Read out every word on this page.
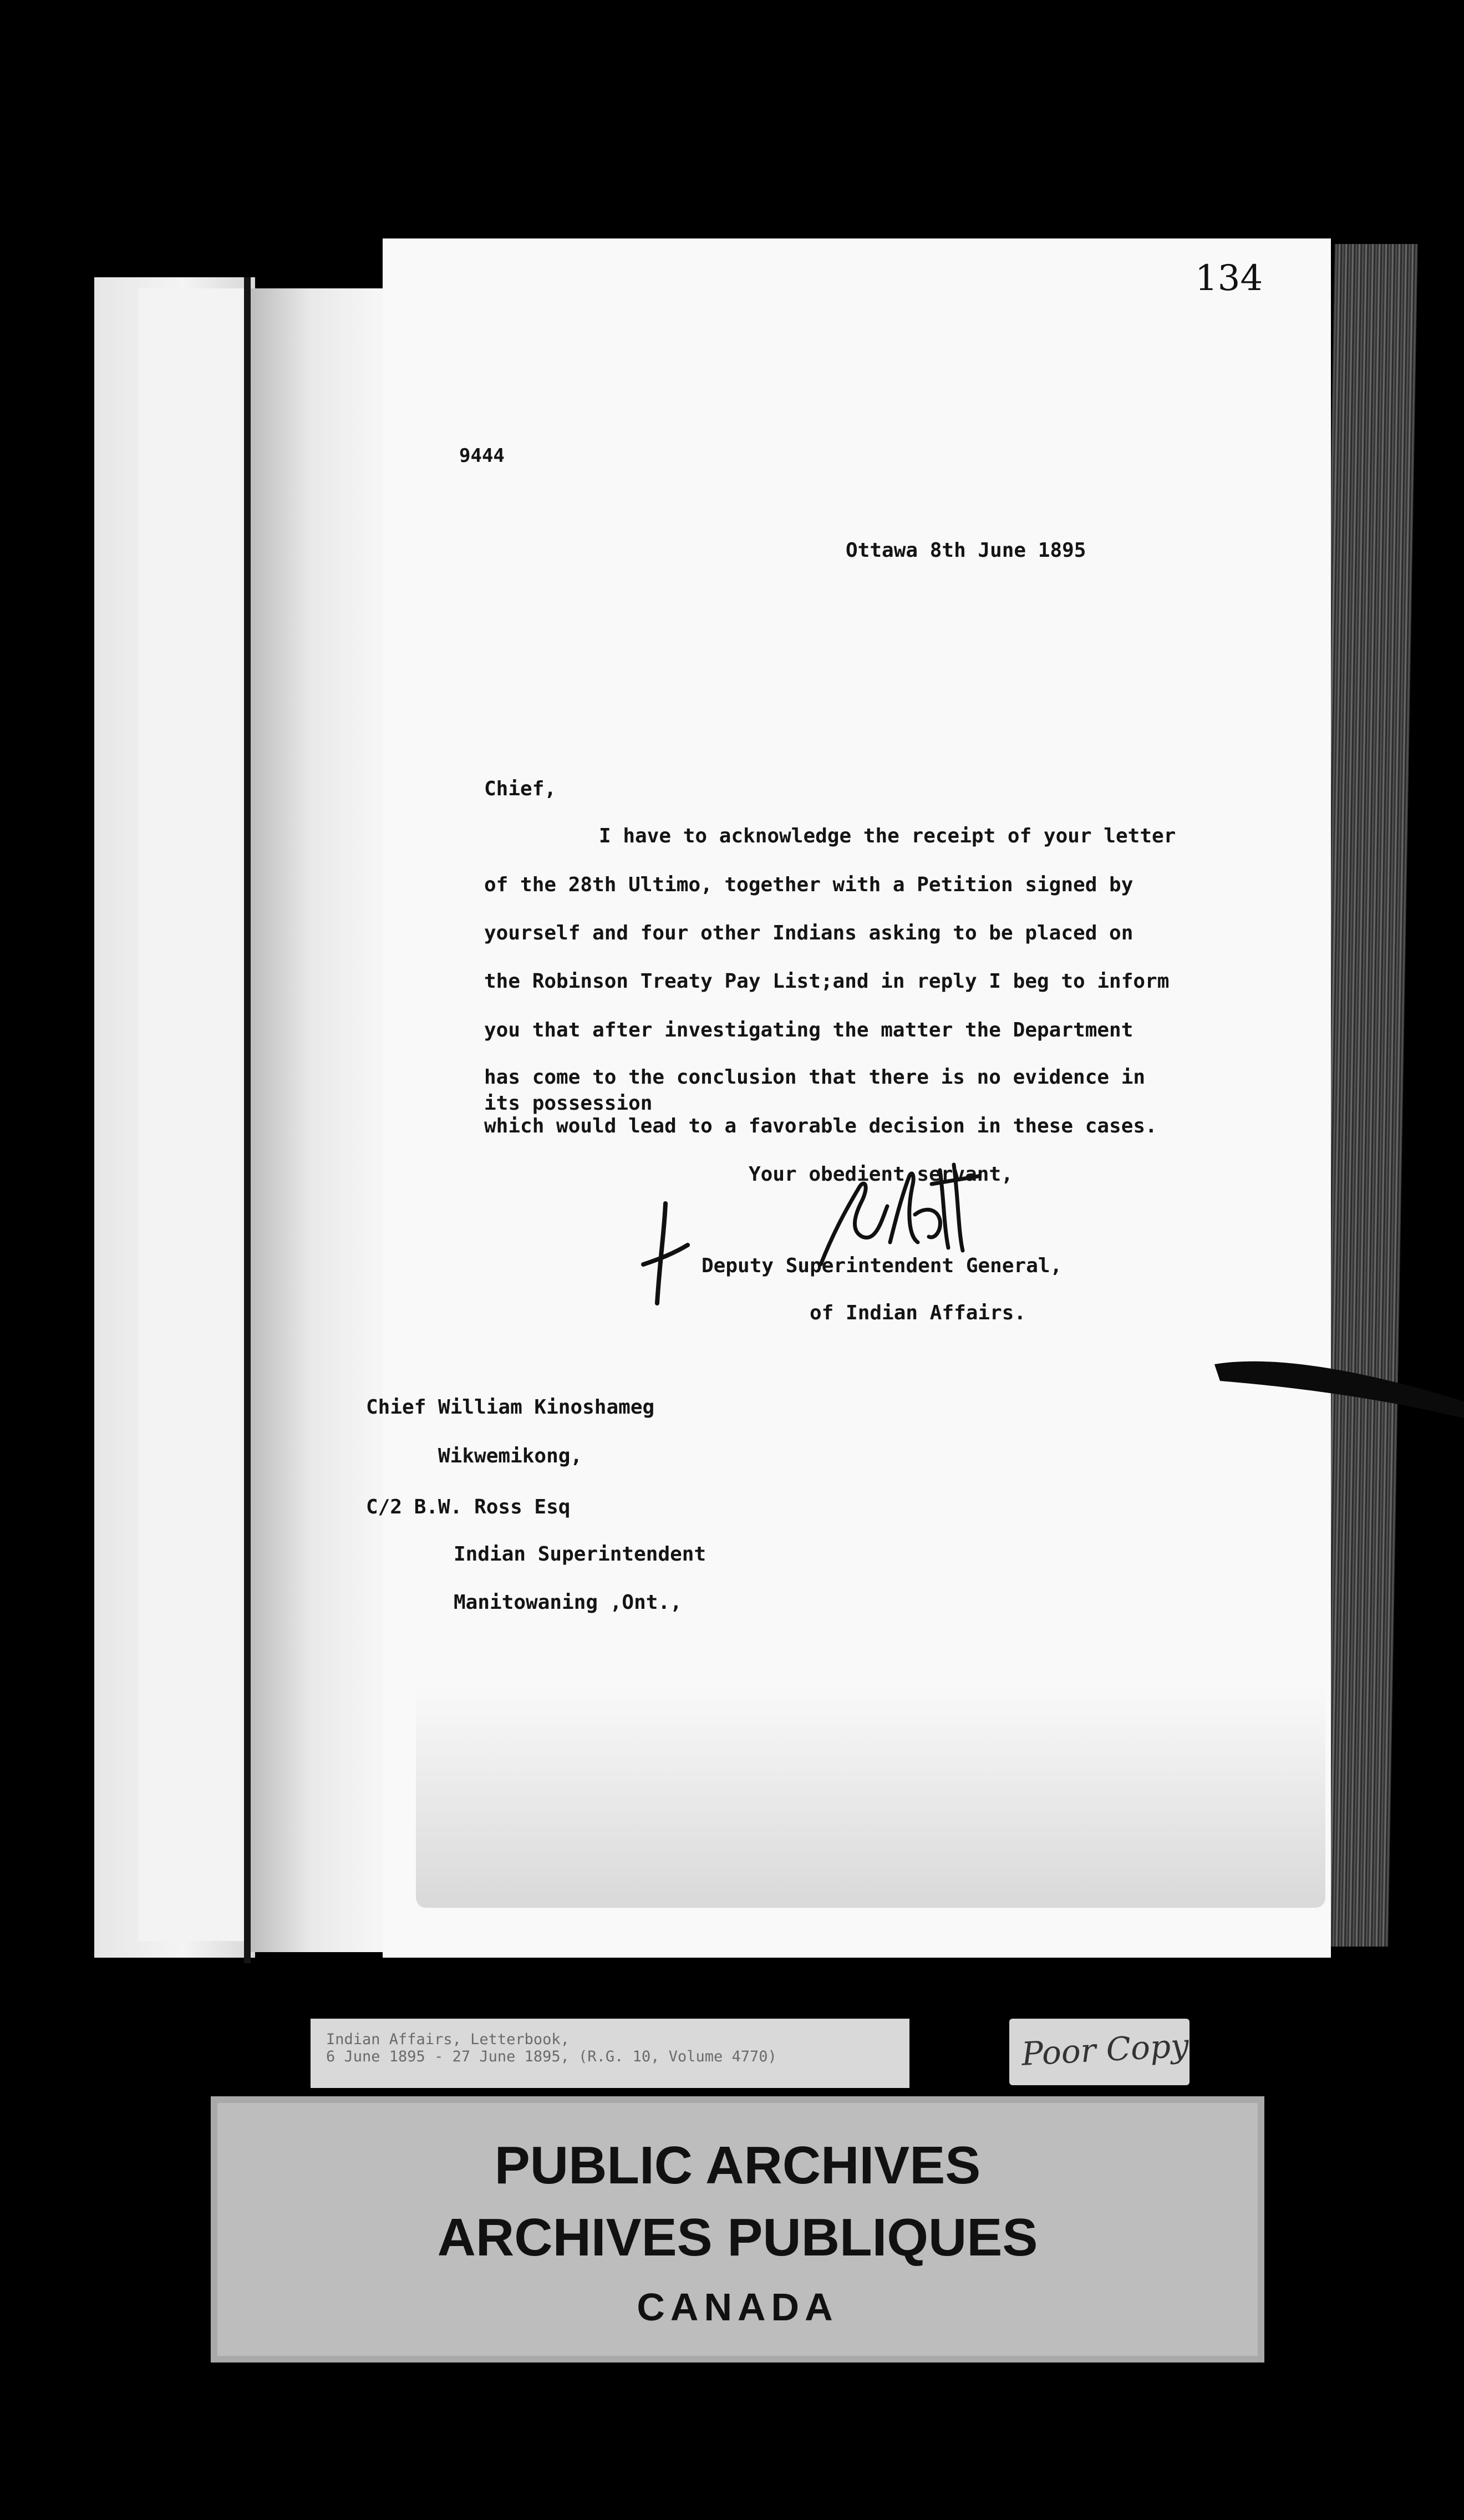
134
9444
Ottawa 8th June 1895
Chief,
I have to acknowledge the receipt of your letter
of the 28th Ultimo, together with a Petition signed by
yourself and four other Indians asking to be placed on
the Robinson Treaty Pay List;and in reply I beg to inform
you that after investigating the matter the Department
has come to the conclusion that there is no evidence in
its possession
which would lead to a favorable decision in these cases.
Your obedient servant,
Deputy Superintendent General,
of Indian Affairs.
Chief William Kinoshameg
Wikwemikong,
C/2 B.W. Ross Esq
Indian Superintendent
Manitowaning ,Ont.,
Indian Affairs, Letterbook,
6 June 1895 - 27 June 1895, (R.G. 10, Volume 4770)	Poor Copy
PUBLIC ARCHIVES
ARCHIVES PUBLIQUES
CANADA
